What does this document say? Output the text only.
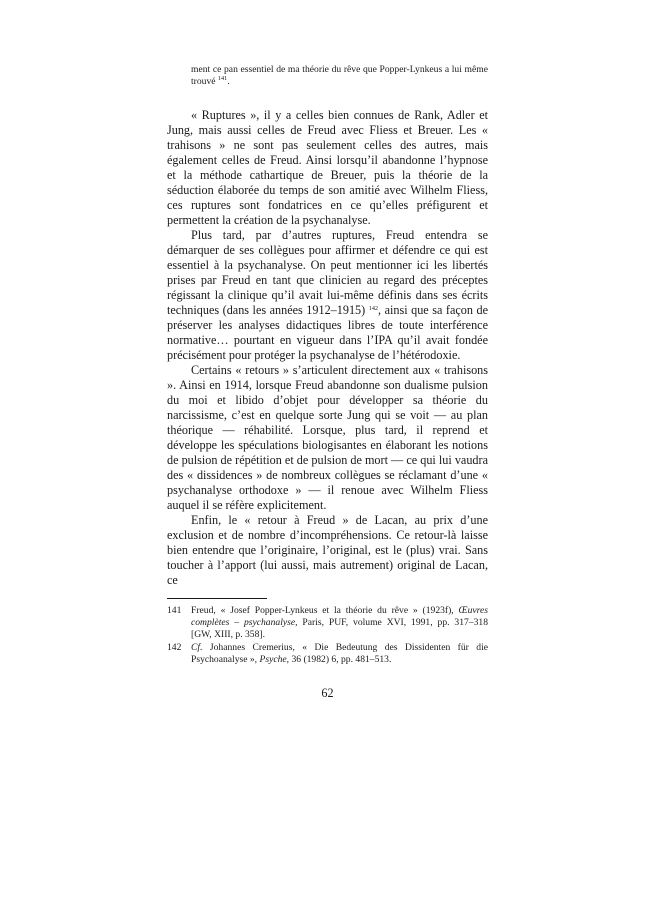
ment ce pan essentiel de ma théorie du rêve que Popper-Lynkeus a lui même trouvé $^{141}$.

« Ruptures », il y a celles bien connues de Rank, Adler et Jung, mais aussi celles de Freud avec Fliess et Breuer. Les « trahisons » ne sont pas seulement celles des autres, mais également celles de Freud. Ainsi lorsqu’il abandonne l’hypnose et la méthode cathartique de Breuer, puis la théorie de la séduction élaborée du temps de son amitié avec Wilhelm Fliess, ces ruptures sont fondatrices en ce qu’elles préfigurent et permettent la création de la psychanalyse.

Plus tard, par d’autres ruptures, Freud entendra se démarquer de ses collègues pour affirmer et défendre ce qui est essentiel à la psychanalyse. On peut mentionner ici les libertés prises par Freud en tant que clinicien au regard des préceptes régissant la clinique qu’il avait lui-même définis dans ses écrits techniques (dans les années 1912–1915) $^{142}$, ainsi que sa façon de préserver les analyses didactiques libres de toute interférence normative… pourtant en vigueur dans l’IPA qu’il avait fondée précisément pour protéger la psychanalyse de l’hétérodoxie.

Certains « retours » s’articulent directement aux « trahisons ». Ainsi en 1914, lorsque Freud abandonne son dualisme pulsion du moi et libido d’objet pour développer sa théorie du narcissisme, c’est en quelque sorte Jung qui se voit — au plan théorique — réhabilité. Lorsque, plus tard, il reprend et développe les spéculations biologisantes en élaborant les notions de pulsion de répétition et de pulsion de mort — ce qui lui vaudra des « dissidences » de nombreux collègues se réclamant d’une « psychanalyse orthodoxe » — il renoue avec Wilhelm Fliess auquel il se réfère explicitement.

Enfin, le « retour à Freud » de Lacan, au prix d’une exclusion et de nombre d’incompréhensions. Ce retour-là laisse bien entendre que l’originaire, l’original, est le (plus) vrai. Sans toucher à l’apport (lui aussi, mais autrement) original de Lacan, ce

141	Freud, « Josef Popper-Lynkeus et la théorie du rêve » (1923f), Œuvres complètes – psychanalyse, Paris, PUF, volume XVI, 1991, pp. 317–318 [GW, XIII, p. 358].
142	Cf. Johannes Cremerius, « Die Bedeutung des Dissidenten für die Psychoanalyse », Psyche, 36 (1982) 6, pp. 481–513.
62
